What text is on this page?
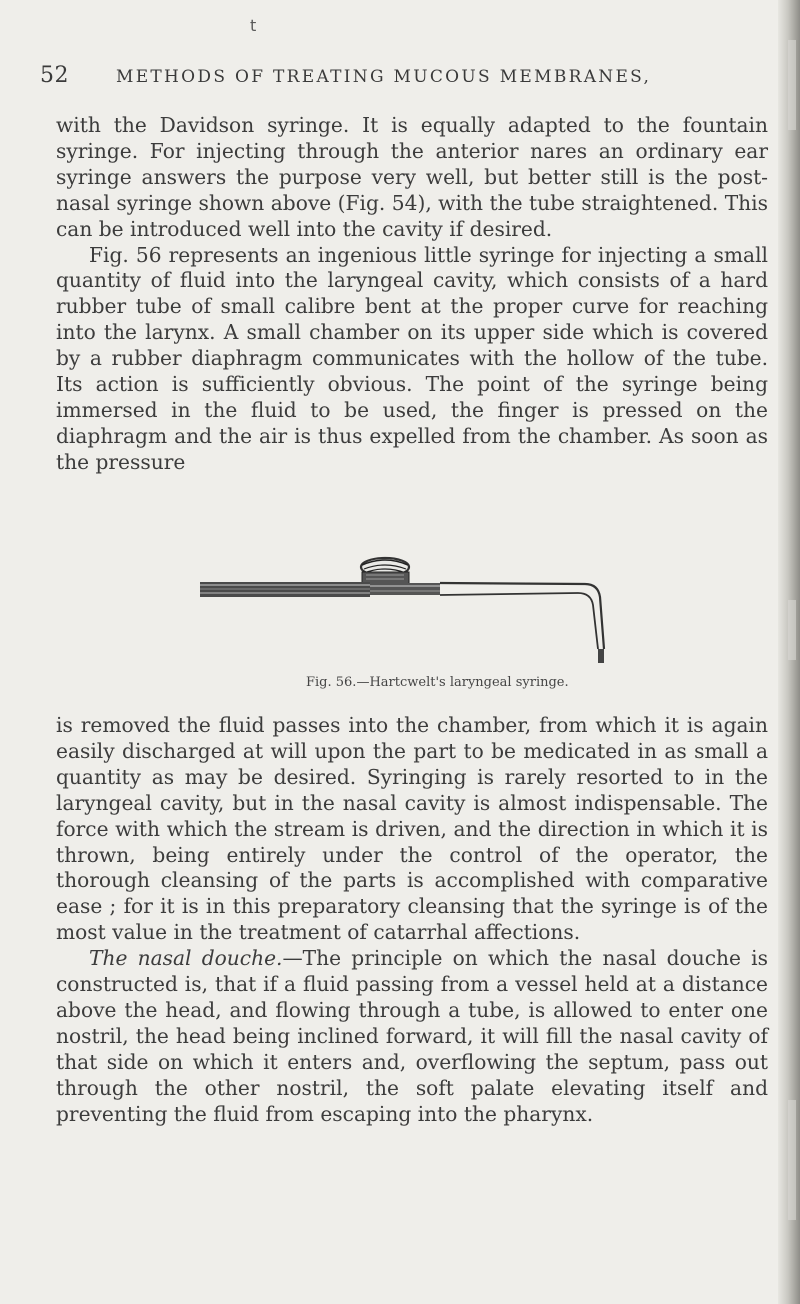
t
52	METHODS OF TREATING MUCOUS MEMBRANES,

with the Davidson syringe. It is equally adapted to the fountain syringe. For injecting through the anterior nares an ordinary ear syringe answers the purpose very well, but better still is the post-nasal syringe shown above (Fig. 54), with the tube straightened. This can be introduced well into the cavity if desired.

Fig. 56 represents an ingenious little syringe for injecting a small quantity of fluid into the laryngeal cavity, which consists of a hard rubber tube of small calibre bent at the proper curve for reaching into the larynx. A small chamber on its upper side which is covered by a rubber diaphragm communicates with the hollow of the tube. Its action is sufficiently obvious. The point of the syringe being immersed in the fluid to be used, the finger is pressed on the diaphragm and the air is thus expelled from the chamber. As soon as the pressure

Fig. 56.—Hartcwelt's laryngeal syringe.

is removed the fluid passes into the chamber, from which it is again easily discharged at will upon the part to be medicated in as small a quantity as may be desired. Syringing is rarely resorted to in the laryngeal cavity, but in the nasal cavity is almost indispensable. The force with which the stream is driven, and the direction in which it is thrown, being entirely under the control of the operator, the thorough cleansing of the parts is accomplished with comparative ease ; for it is in this preparatory cleansing that the syringe is of the most value in the treatment of catarrhal affections.

The nasal douche.—The principle on which the nasal douche is constructed is, that if a fluid passing from a vessel held at a distance above the head, and flowing through a tube, is allowed to enter one nostril, the head being inclined forward, it will fill the nasal cavity of that side on which it enters and, overflowing the septum, pass out through the other nostril, the soft palate elevating itself and preventing the fluid from escaping into the pharynx.
